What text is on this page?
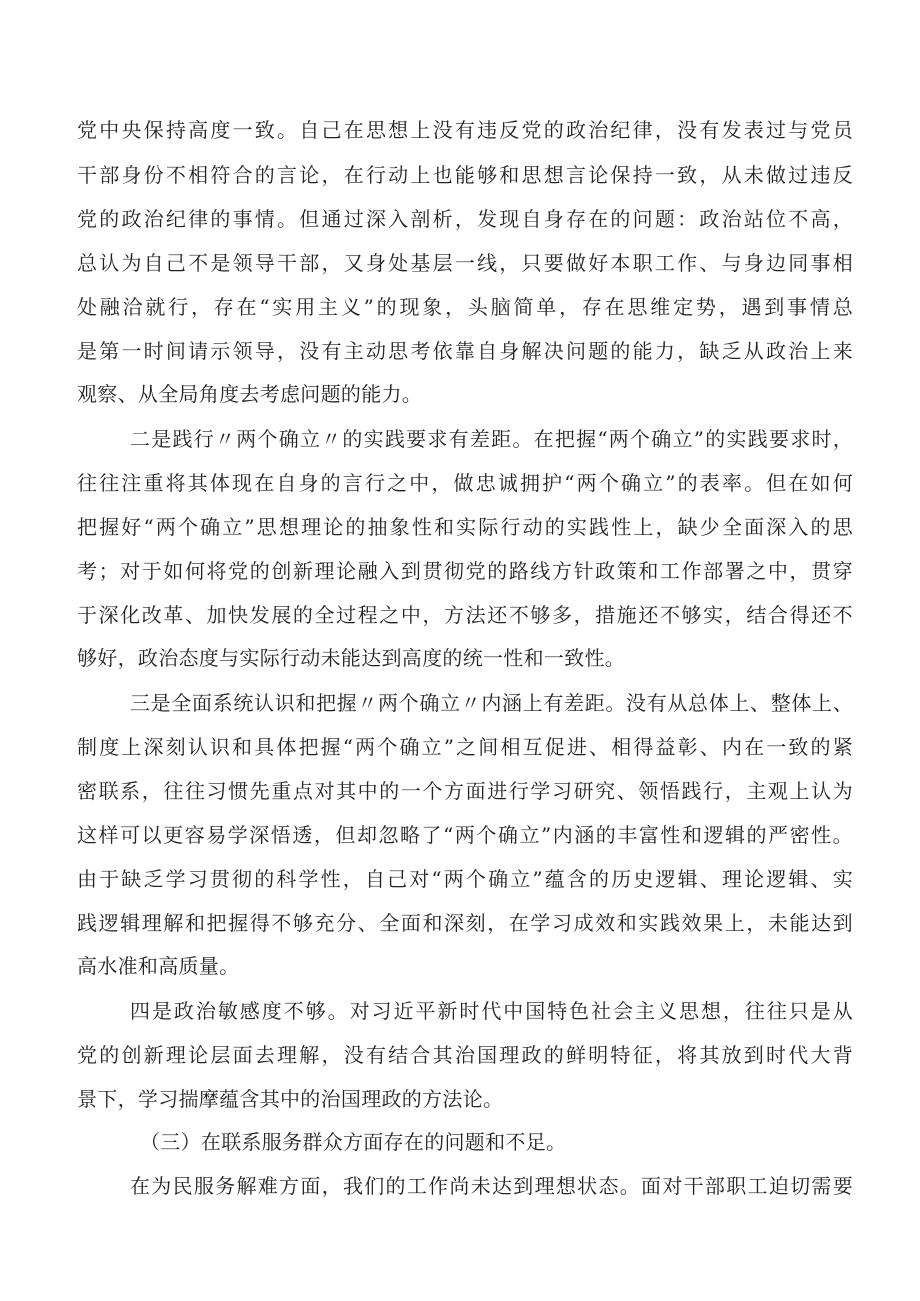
党中央保持高度一致。自己在思想上没有违反党的政治纪律，没有发表过与党员
干部身份不相符合的言论，在行动上也能够和思想言论保持一致，从未做过违反
党的政治纪律的事情。但通过深入剖析，发现自身存在的问题：政治站位不高，
总认为自己不是领导干部，又身处基层一线，只要做好本职工作、与身边同事相
处融洽就行，存在“实用主义”的现象，头脑简单，存在思维定势，遇到事情总
是第一时间请示领导，没有主动思考依靠自身解决问题的能力，缺乏从政治上来
观察、从全局角度去考虑问题的能力。
二是践行〃两个确立〃的实践要求有差距。在把握“两个确立”的实践要求时，
往往注重将其体现在自身的言行之中，做忠诚拥护“两个确立”的表率。但在如何
把握好“两个确立”思想理论的抽象性和实际行动的实践性上，缺少全面深入的思
考；对于如何将党的创新理论融入到贯彻党的路线方针政策和工作部署之中，贯穿
于深化改革、加快发展的全过程之中，方法还不够多，措施还不够实，结合得还不
够好，政治态度与实际行动未能达到高度的统一性和一致性。
三是全面系统认识和把握〃两个确立〃内涵上有差距。没有从总体上、整体上、
制度上深刻认识和具体把握“两个确立”之间相互促进、相得益彰、内在一致的紧
密联系，往往习惯先重点对其中的一个方面进行学习研究、领悟践行，主观上认为
这样可以更容易学深悟透，但却忽略了“两个确立”内涵的丰富性和逻辑的严密性。
由于缺乏学习贯彻的科学性，自己对“两个确立”蕴含的历史逻辑、理论逻辑、实
践逻辑理解和把握得不够充分、全面和深刻，在学习成效和实践效果上，未能达到
高水准和高质量。
四是政治敏感度不够。对习近平新时代中国特色社会主义思想，往往只是从
党的创新理论层面去理解，没有结合其治国理政的鲜明特征，将其放到时代大背
景下，学习揣摩蕴含其中的治国理政的方法论。
（三）在联系服务群众方面存在的问题和不足。
在为民服务解难方面，我们的工作尚未达到理想状态。面对干部职工迫切需要
